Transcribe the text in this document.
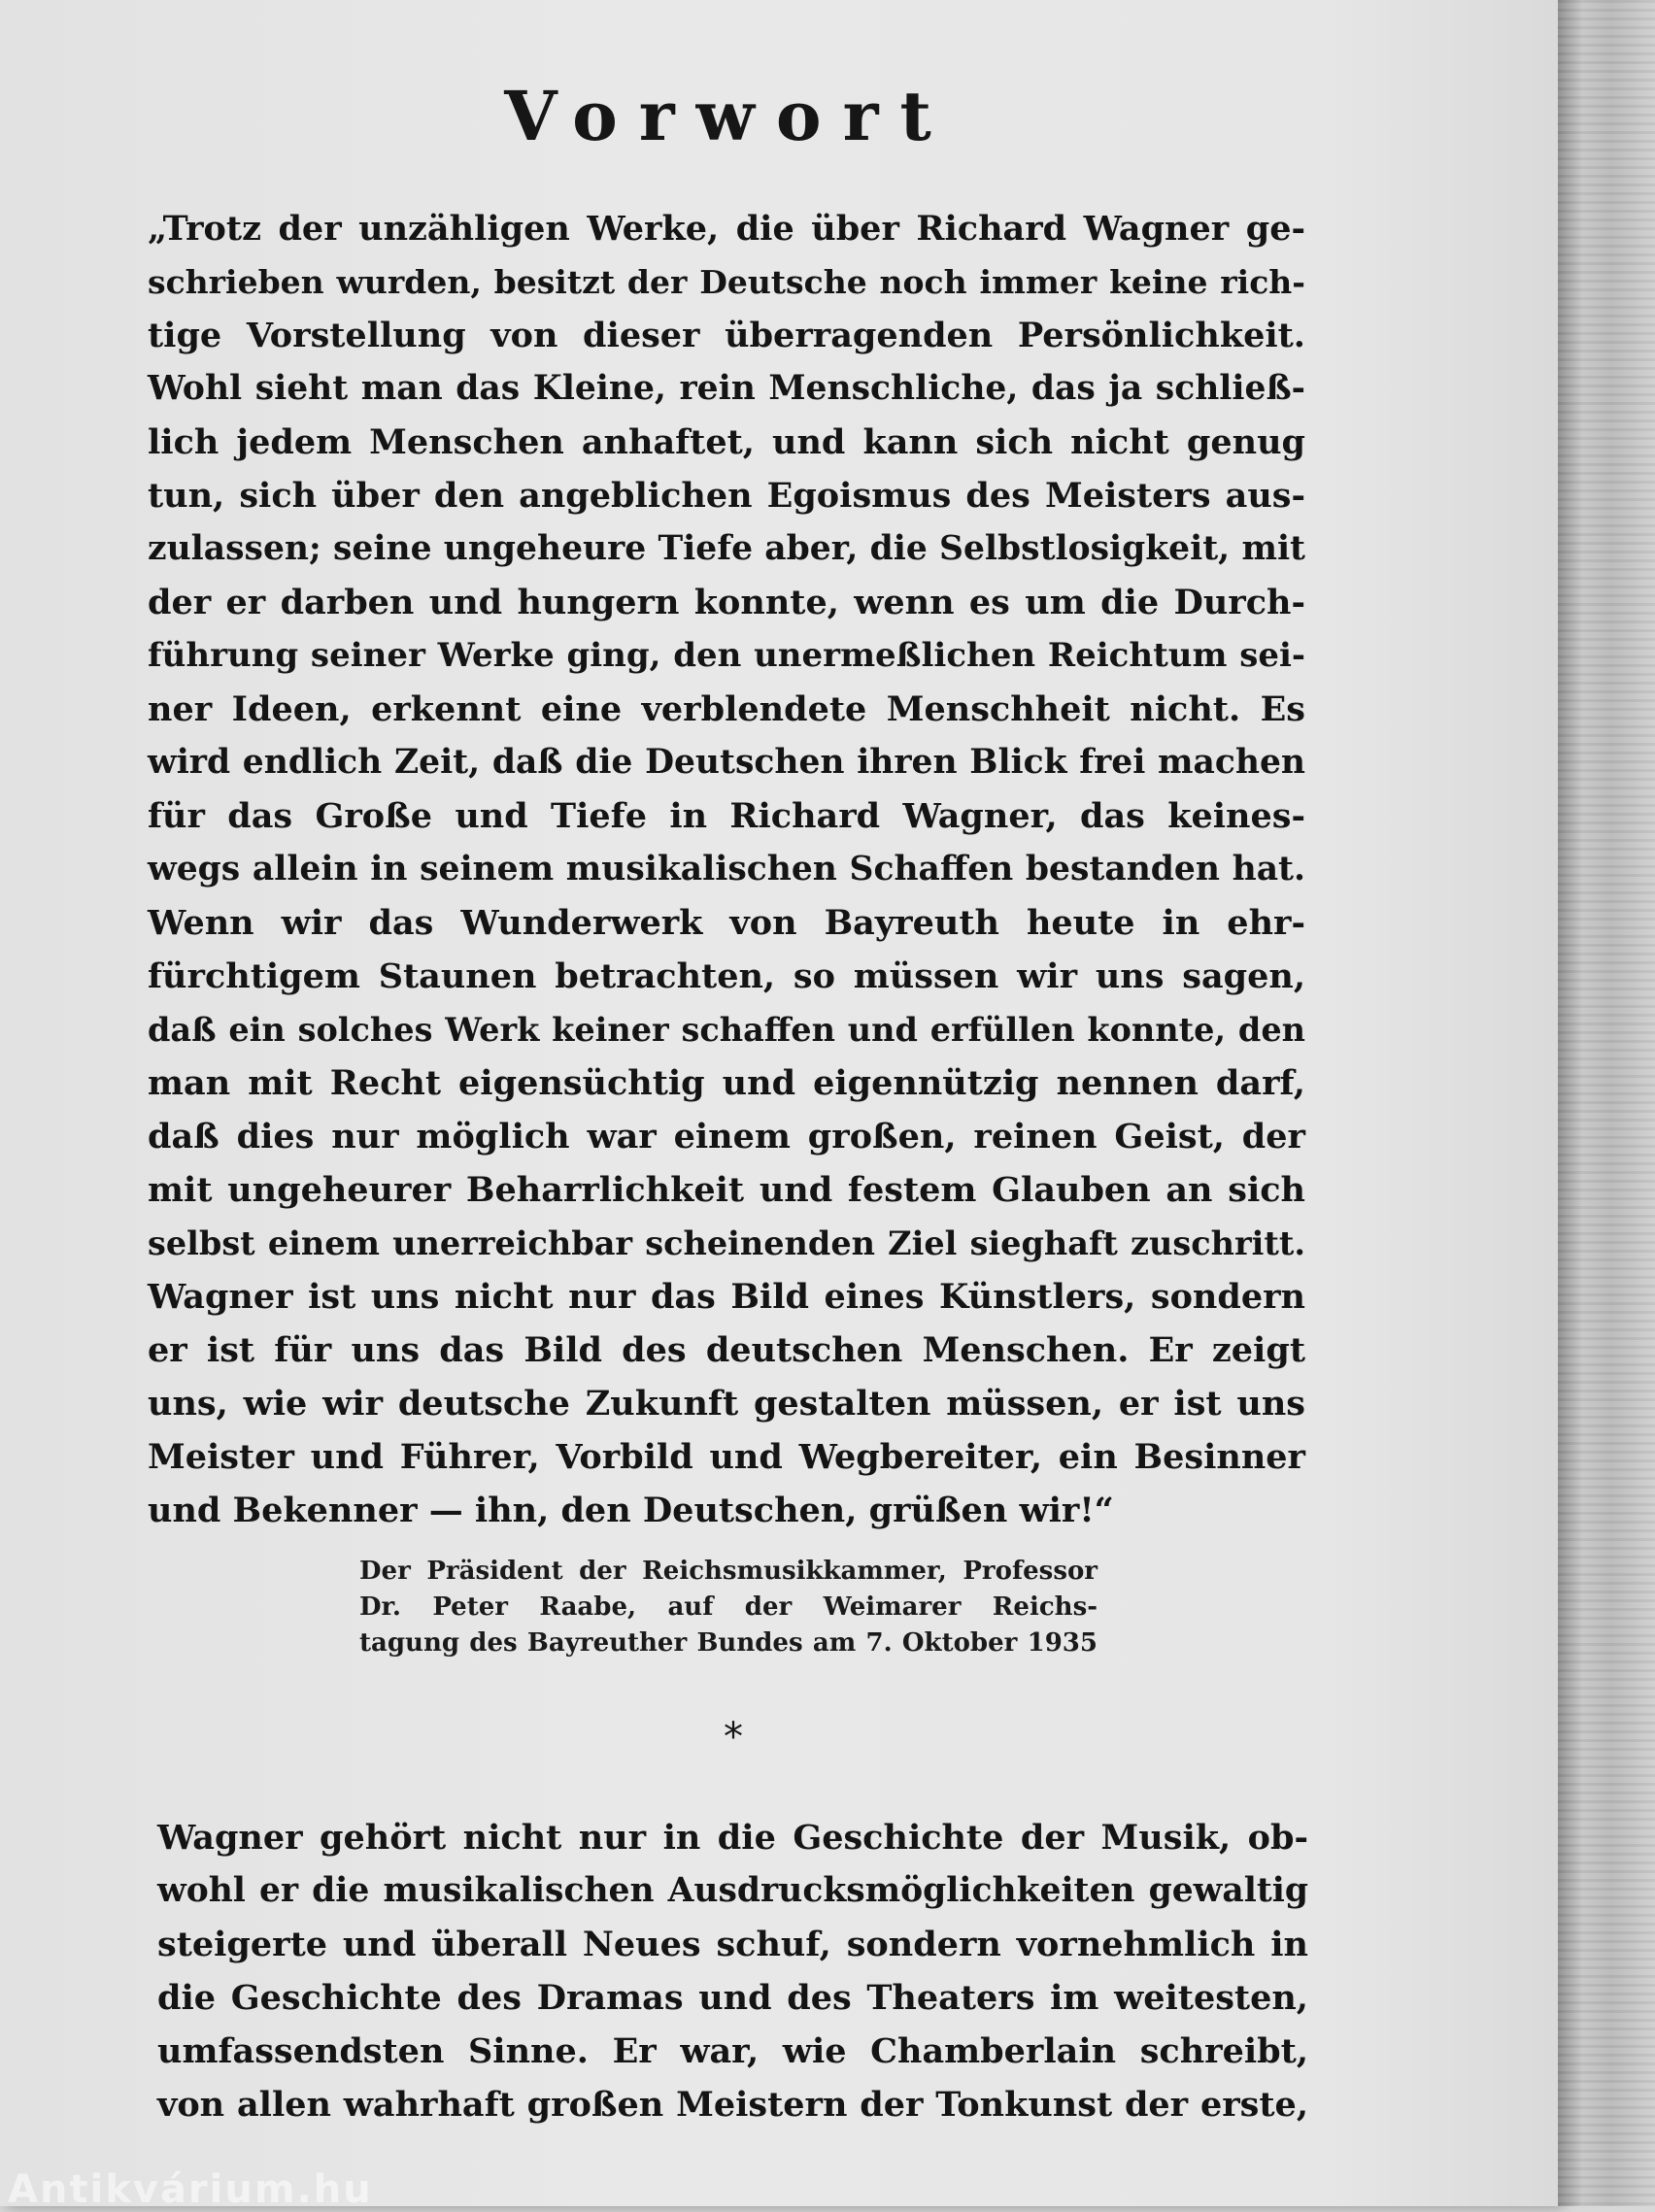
Vorwort
„Trotz der unzähligen Werke, die über Richard Wagner ge-
schrieben wurden, besitzt der Deutsche noch immer keine rich-
tige Vorstellung von dieser überragenden Persönlichkeit.
Wohl sieht man das Kleine, rein Menschliche, das ja schließ-
lich jedem Menschen anhaftet, und kann sich nicht genug
tun, sich über den angeblichen Egoismus des Meisters aus-
zulassen; seine ungeheure Tiefe aber, die Selbstlosigkeit, mit
der er darben und hungern konnte, wenn es um die Durch-
führung seiner Werke ging, den unermeßlichen Reichtum sei-
ner Ideen, erkennt eine verblendete Menschheit nicht. Es
wird endlich Zeit, daß die Deutschen ihren Blick frei machen
für das Große und Tiefe in Richard Wagner, das keines-
wegs allein in seinem musikalischen Schaffen bestanden hat.
Wenn wir das Wunderwerk von Bayreuth heute in ehr-
fürchtigem Staunen betrachten, so müssen wir uns sagen,
daß ein solches Werk keiner schaffen und erfüllen konnte, den
man mit Recht eigensüchtig und eigennützig nennen darf,
daß dies nur möglich war einem großen, reinen Geist, der
mit ungeheurer Beharrlichkeit und festem Glauben an sich
selbst einem unerreichbar scheinenden Ziel sieghaft zuschritt.
Wagner ist uns nicht nur das Bild eines Künstlers, sondern
er ist für uns das Bild des deutschen Menschen. Er zeigt
uns, wie wir deutsche Zukunft gestalten müssen, er ist uns
Meister und Führer, Vorbild und Wegbereiter, ein Besinner
und Bekenner — ihn, den Deutschen, grüßen wir!“
Der Präsident der Reichsmusikkammer, Professor
Dr. Peter Raabe, auf der Weimarer Reichs-
tagung des Bayreuther Bundes am 7. Oktober 1935
*
Wagner gehört nicht nur in die Geschichte der Musik, ob-
wohl er die musikalischen Ausdrucksmöglichkeiten gewaltig
steigerte und überall Neues schuf, sondern vornehmlich in
die Geschichte des Dramas und des Theaters im weitesten,
umfassendsten Sinne. Er war, wie Chamberlain schreibt,
von allen wahrhaft großen Meistern der Tonkunst der erste,
Antikvárium.hu
